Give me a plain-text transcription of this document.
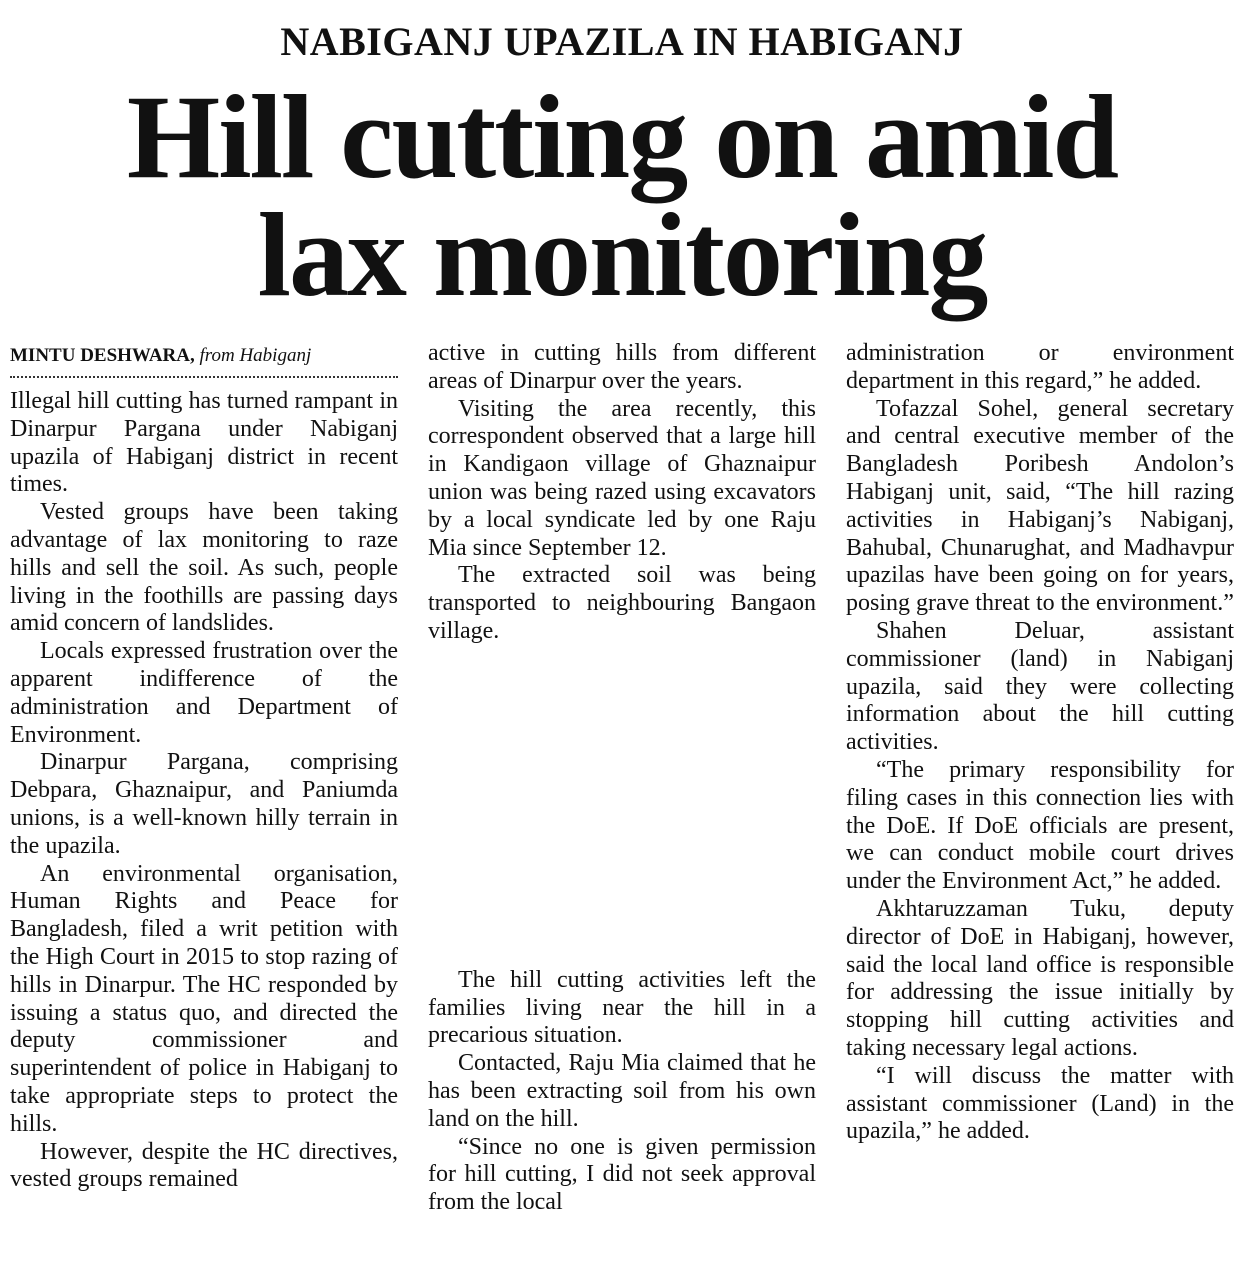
NABIGANJ UPAZILA IN HABIGANJ
Hill cutting on amid
lax monitoring
MINTU DESHWARA, from Habiganj

Illegal hill cutting has turned rampant in Dinarpur Pargana under Nabiganj upazila of Habiganj district in recent times.

Vested groups have been taking advantage of lax monitoring to raze hills and sell the soil. As such, people living in the foothills are passing days amid concern of landslides.

Locals expressed frustration over the apparent indifference of the administration and Department of Environment.

Dinarpur Pargana, comprising Debpara, Ghaznaipur, and Paniumda unions, is a well-known hilly terrain in the upazila.

An environmental organisation, Human Rights and Peace for Bangladesh, filed a writ petition with the High Court in 2015 to stop razing of hills in Dinarpur. The HC responded by issuing a status quo, and directed the deputy commissioner and superintendent of police in Habiganj to take appropriate steps to protect the hills.

However, despite the HC directives, vested groups remained

active in cutting hills from different areas of Dinarpur over the years.

Visiting the area recently, this correspondent observed that a large hill in Kandigaon village of Ghaznaipur union was being razed using excavators by a local syndicate led by one Raju Mia since September 12.

The extracted soil was being transported to neighbouring Bangaon village.

The hill cutting activities left the families living near the hill in a precarious situation.

Contacted, Raju Mia claimed that he has been extracting soil from his own land on the hill.

“Since no one is given permission for hill cutting, I did not seek approval from the local

administration or environment department in this regard,” he added.

Tofazzal Sohel, general secretary and central executive member of the Bangladesh Poribesh Andolon’s Habiganj unit, said, “The hill razing activities in Habiganj’s Nabiganj, Bahubal, Chunarughat, and Madhavpur upazilas have been going on for years, posing grave threat to the environment.”

Shahen Deluar, assistant commissioner (land) in Nabiganj upazila, said they were collecting information about the hill cutting activities.

“The primary responsibility for filing cases in this connection lies with the DoE. If DoE officials are present, we can conduct mobile court drives under the Environment Act,” he added.

Akhtaruzzaman Tuku, deputy director of DoE in Habiganj, however, said the local land office is responsible for addressing the issue initially by stopping hill cutting activities and taking necessary legal actions.

“I will discuss the matter with assistant commissioner (Land) in the upazila,” he added.
